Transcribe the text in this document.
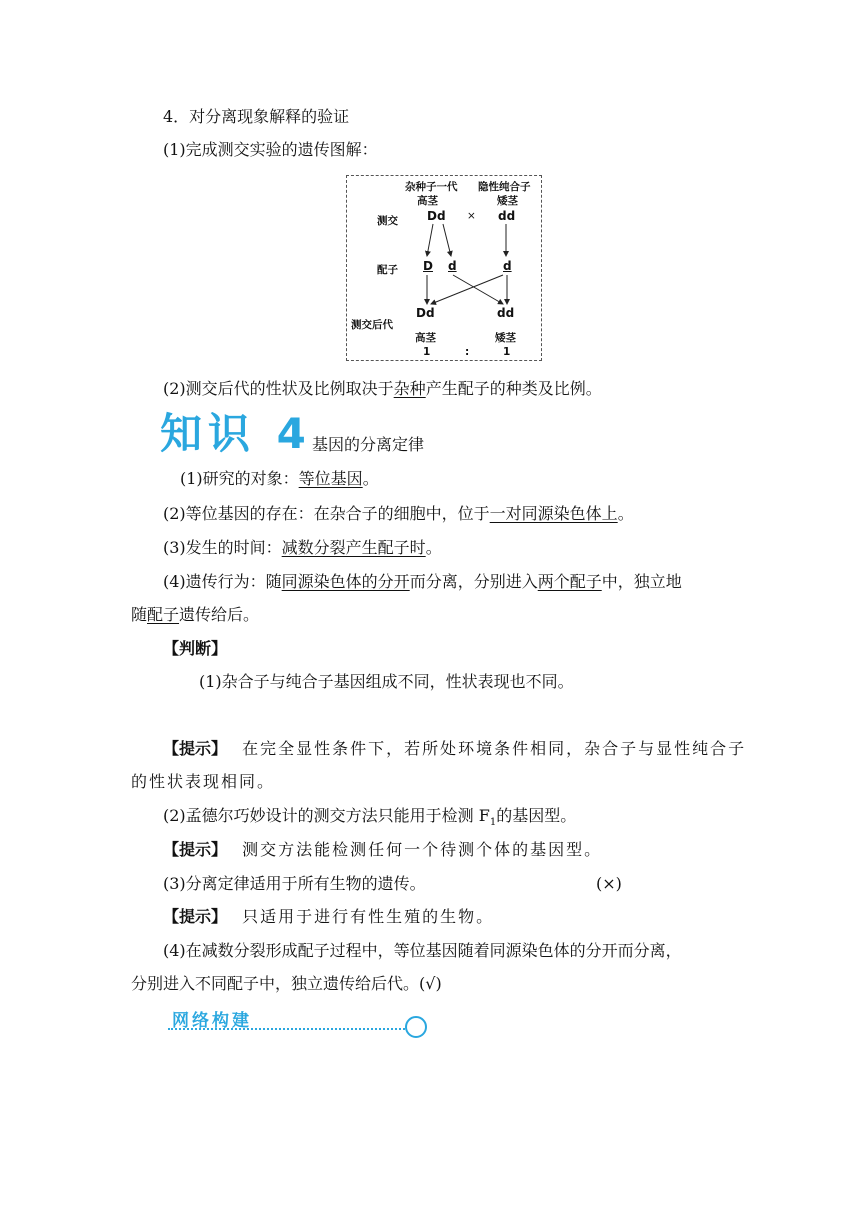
4．对分离现象解释的验证
(1)完成测交实验的遗传图解：
杂种子一代 隐性纯合子
高茎	矮茎
测交 Dd × dd
配子 D d	d
测交后代
Dd	dd
高茎	矮茎
1	:	1
(2)测交后代的性状及比例取决于杂种产生配子的种类及比例。
知识 4 基因的分离定律
(1)研究的对象：等位基因。
(2)等位基因的存在：在杂合子的细胞中，位于一对同源染色体上。
(3)发生的时间：减数分裂产生配子时。
(4)遗传行为：随同源染色体的分开而分离，分别进入两个配子中，独立地
随配子遗传给后。
【判断】
(1)杂合子与纯合子基因组成不同，性状表现也不同。
【提示】 在完全显性条件下，若所处环境条件相同，杂合子与显性纯合子
的性状表现相同。
(2)孟德尔巧妙设计的测交方法只能用于检测 $F_1$的基因型。
【提示】 测交方法能检测任何一个待测个体的基因型。
(3)分离定律适用于所有生物的遗传。	(×)
【提示】 只适用于进行有性生殖的生物。
(4)在减数分裂形成配子过程中，等位基因随着同源染色体的分开而分离，
分别进入不同配子中，独立遗传给后代。(√)
网络构建
